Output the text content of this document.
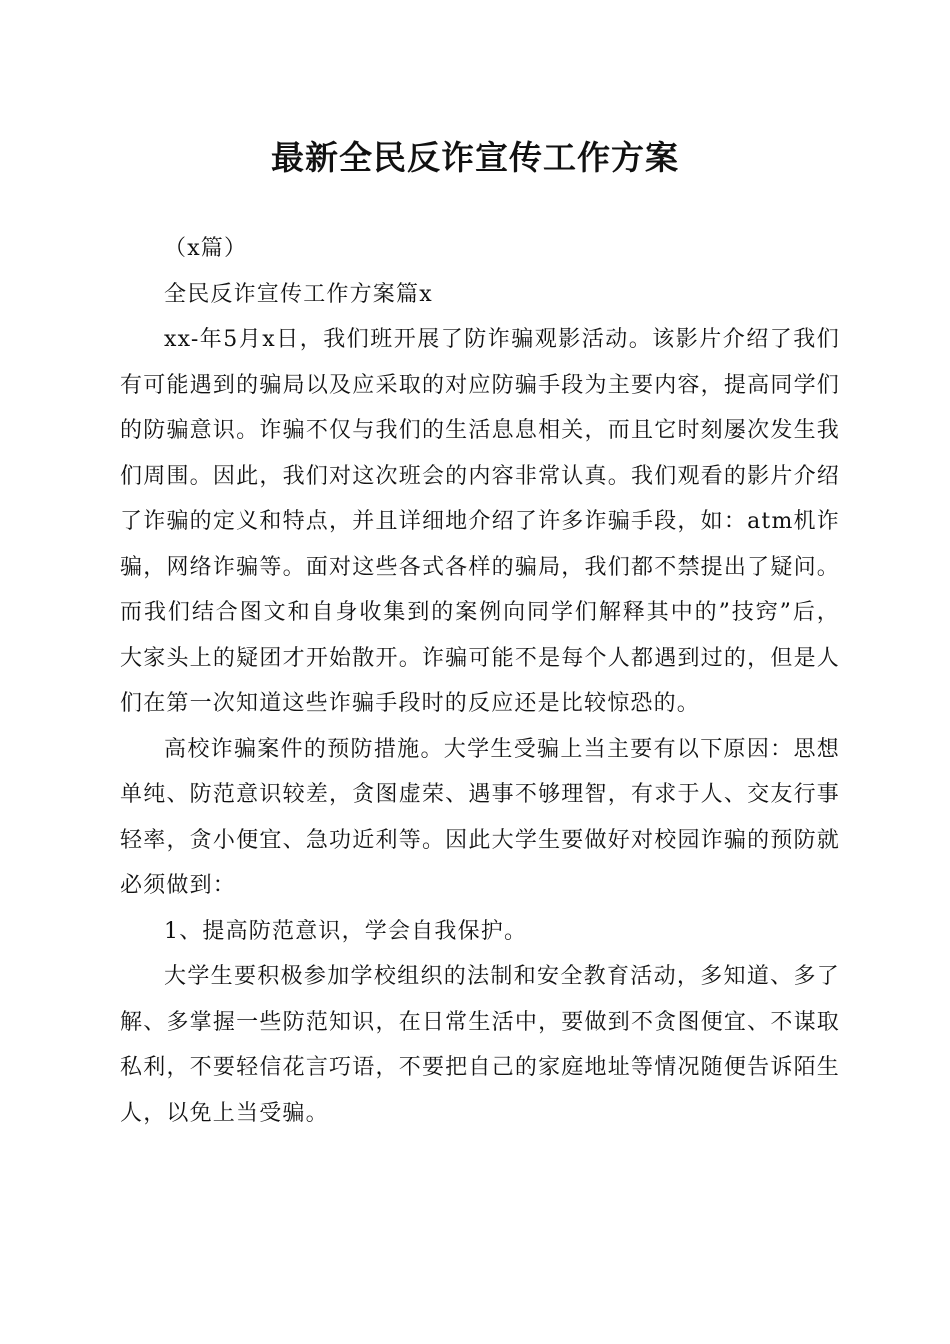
最新全民反诈宣传工作方案

（x篇）

全民反诈宣传工作方案篇x

xx-年5月x日，我们班开展了防诈骗观影活动。该影片介绍了我们有可能遇到的骗局以及应采取的对应防骗手段为主要内容，提高同学们的防骗意识。诈骗不仅与我们的生活息息相关，而且它时刻屡次发生我们周围。因此，我们对这次班会的内容非常认真。我们观看的影片介绍了诈骗的定义和特点，并且详细地介绍了许多诈骗手段，如：atm机诈骗，网络诈骗等。面对这些各式各样的骗局，我们都不禁提出了疑问。而我们结合图文和自身收集到的案例向同学们解释其中的”技窍”后，大家头上的疑团才开始散开。诈骗可能不是每个人都遇到过的，但是人们在第一次知道这些诈骗手段时的反应还是比较惊恐的。

高校诈骗案件的预防措施。大学生受骗上当主要有以下原因：思想单纯、防范意识较差，贪图虚荣、遇事不够理智，有求于人、交友行事轻率，贪小便宜、急功近利等。因此大学生要做好对校园诈骗的预防就必须做到：

1、提高防范意识，学会自我保护。

大学生要积极参加学校组织的法制和安全教育活动，多知道、多了解、多掌握一些防范知识，在日常生活中，要做到不贪图便宜、不谋取私利，不要轻信花言巧语，不要把自己的家庭地址等情况随便告诉陌生人，以免上当受骗。
